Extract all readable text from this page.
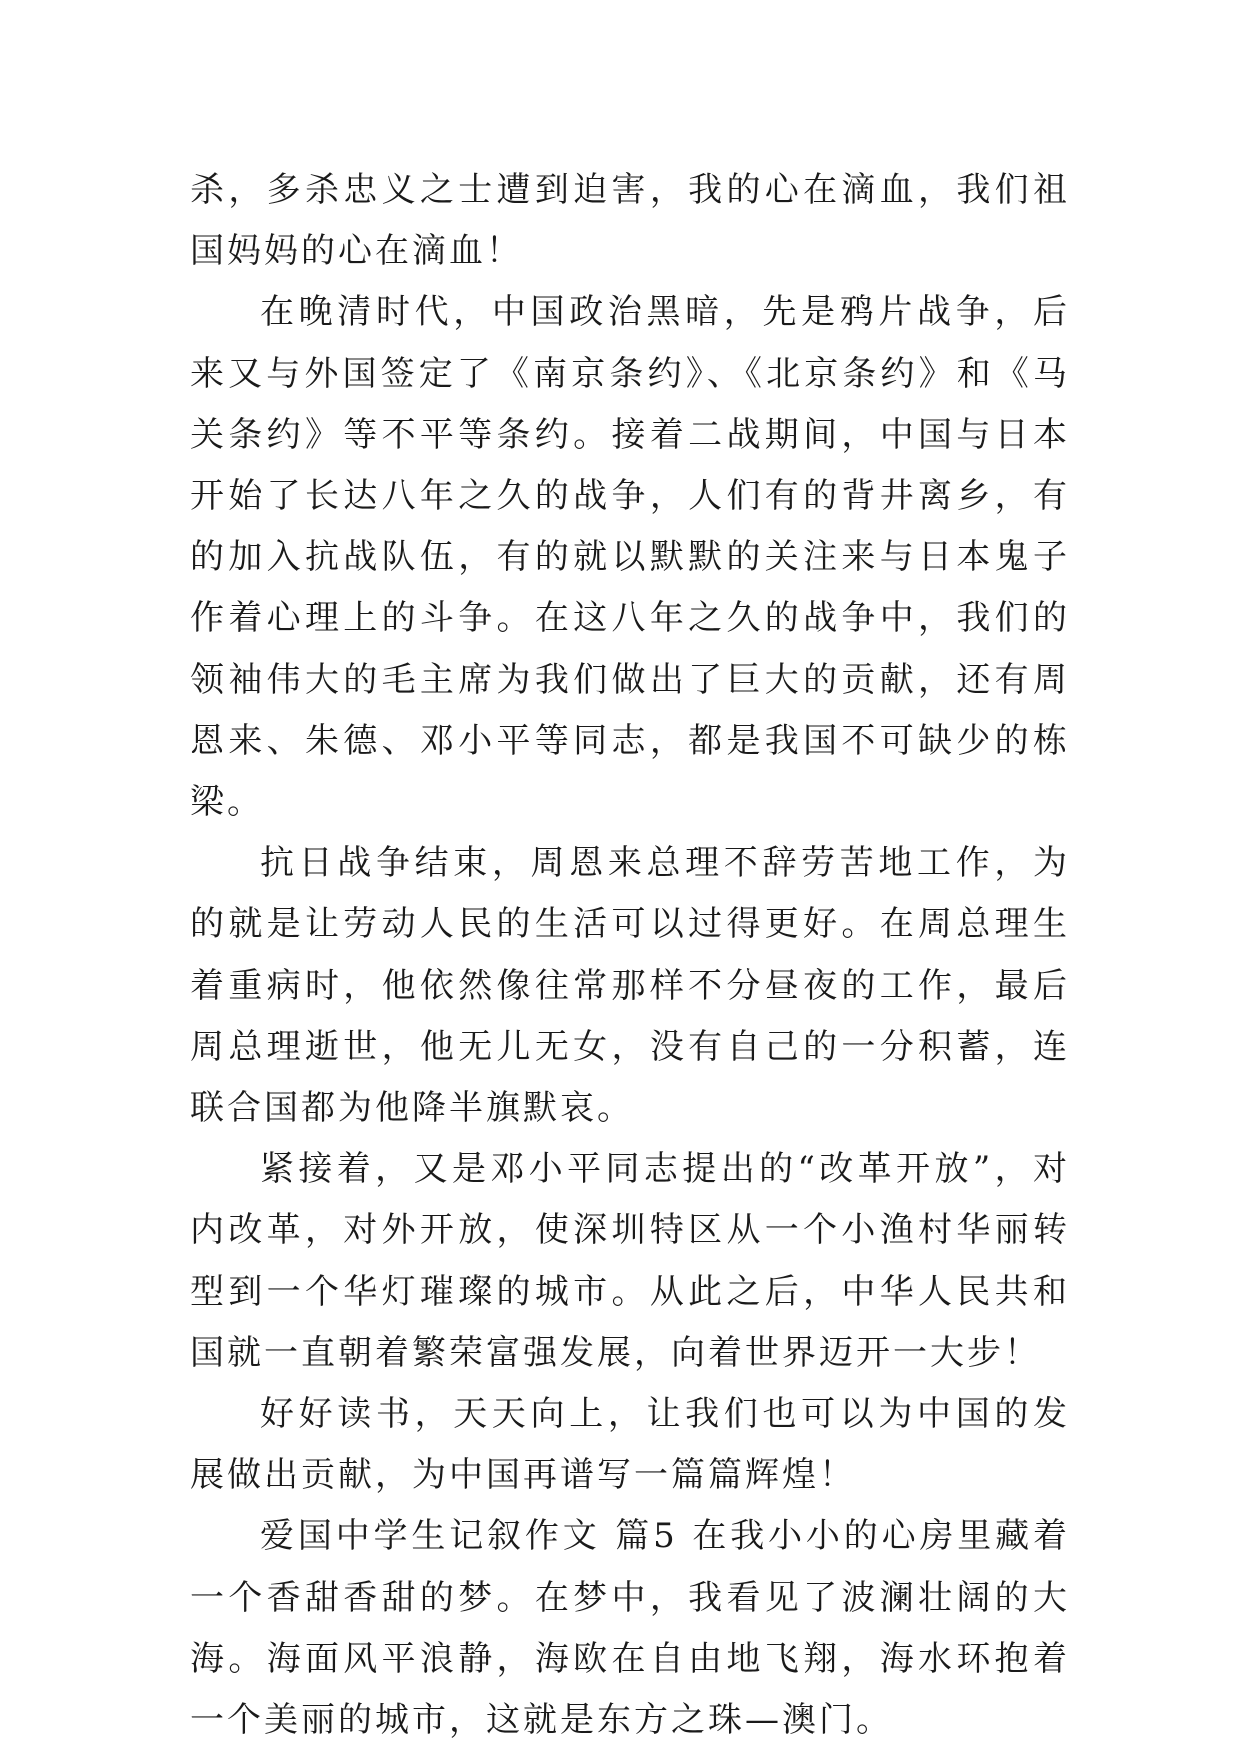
杀，多杀忠义之士遭到迫害，我的心在滴血，我们祖国妈妈的心在滴血！

在晚清时代，中国政治黑暗，先是鸦片战争，后来又与外国签定了《南京条约》、《北京条约》和《马关条约》等不平等条约。接着二战期间，中国与日本开始了长达八年之久的战争，人们有的背井离乡，有的加入抗战队伍，有的就以默默的关注来与日本鬼子作着心理上的斗争。在这八年之久的战争中，我们的领袖伟大的毛主席为我们做出了巨大的贡献，还有周恩来、朱德、邓小平等同志，都是我国不可缺少的栋梁。

抗日战争结束，周恩来总理不辞劳苦地工作，为的就是让劳动人民的生活可以过得更好。在周总理生着重病时，他依然像往常那样不分昼夜的工作，最后周总理逝世，他无儿无女，没有自己的一分积蓄，连联合国都为他降半旗默哀。

紧接着，又是邓小平同志提出的“改革开放”，对内改革，对外开放，使深圳特区从一个小渔村华丽转型到一个华灯璀璨的城市。从此之后，中华人民共和国就一直朝着繁荣富强发展，向着世界迈开一大步！

好好读书，天天向上，让我们也可以为中国的发展做出贡献，为中国再谱写一篇篇辉煌！

爱国中学生记叙作文 篇5 在我小小的心房里藏着一个香甜香甜的梦。在梦中，我看见了波澜壮阔的大海。海面风平浪静，海欧在自由地飞翔，海水环抱着一个美丽的城市，这就是东方之珠—澳门。
